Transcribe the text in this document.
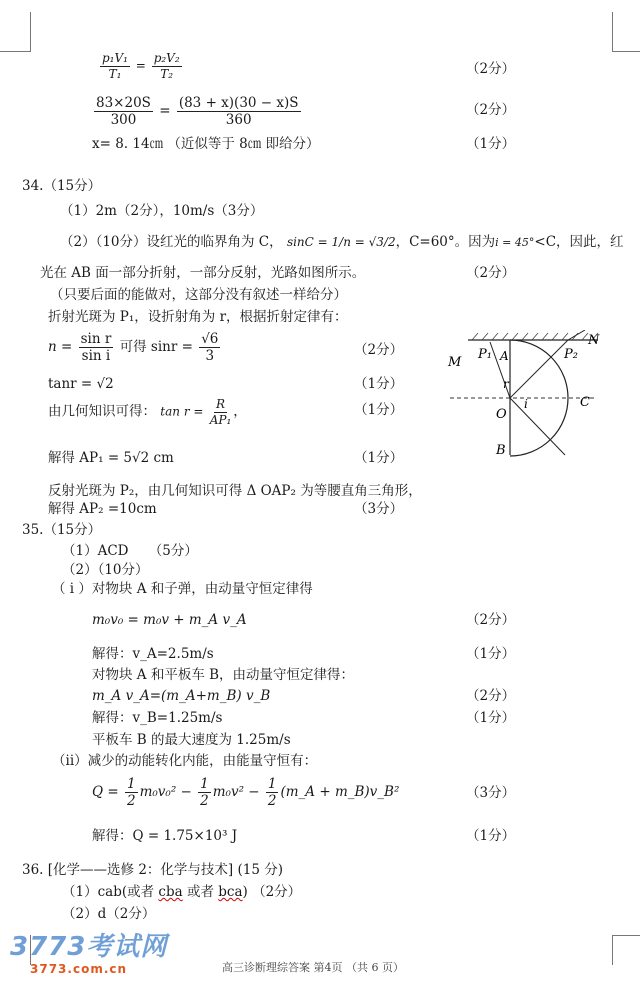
$\frac{\text{p₁V₁}}{\text{T₁}} = \frac{\text{p₂V₂}}{\text{T₂}}$	（2分）
$\frac{83\times 20S}{300} = \frac{(83 + x)(30 - x)S}{360}$	（2分）
x= 8. 14㎝ （近似等于 8㎝ 即给分）	（1分）
34.（15分）
（1）2m（2分），10m/s（3分）
（2）（10分）设红光的临界角为 C， sinC = 1/n = √3/2，C=60°。因为i = 45°<C，因此，红
光在 AB 面一部分折射，一部分反射，光路如图所示。	（2分）
（只要后面的能做对，这部分没有叙述一样给分）
折射光斑为 P₁，设折射角为 r，根据折射定律有：
$n = \frac{\text{sin r}}{\text{sin i}}$ 可得 $\sin r = \frac{√6}{3}$	（2分）
tanr = √2	（1分）
由几何知识可得： $\tan r = \frac{R}{\text{AP₁}}$ ，	（1分）
解得 AP₁ = 5√2 cm	（1分）
反射光斑为 P₂，由几何知识可得 Δ OAP₂ 为等腰直角三角形，
解得 AP₂ =10cm	（3分）
N
M
P₁ A	P₂
r
i
O
C
B
35.（15分）
（1）ACD　　（5分）
（2）（10分）
（ i ）对物块 A 和子弹，由动量守恒定律得
m₀v₀ = m₀v + m_A v_A	（2分）
解得：v_A=2.5m/s	（1分）
对物块 A 和平板车 B，由动量守恒定律得：
m_A v_A=(m_A+m_B) v_B	（2分）
解得：v_B=1.25m/s	（1分）
平板车 B 的最大速度为 1.25m/s
（ii）减少的动能转化内能，由能量守恒有：
$Q = \frac{1}{2} m_0v_0^2 - \frac{1}{2} m_0v^2 - \frac{1}{2}$ (m_A + m_B)v_B²	（3分）
解得：Q = 1.75×10³ J	（1分）
36. [化学——选修 2：化学与技术] (15 分)
（1）cab(或者 cba 或者 bca) （2分）
（2）d（2分）
3773考试网
3773.com.cn	高三诊断理综答案 第4页 （共 6 页）
